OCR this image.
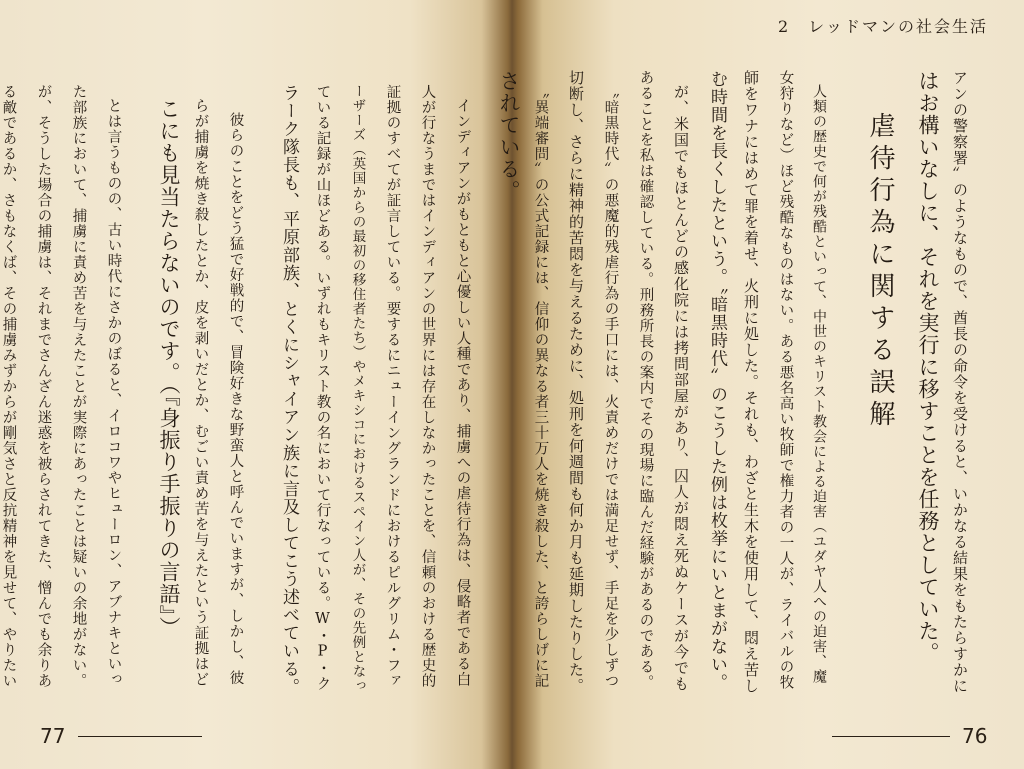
2　レッドマンの社会生活
アンの警察署〟のようなもので、酋長の命令を受けると、いかなる結果をもたらすかに
はお構いなしに、それを実行に移すことを任務としていた。
虐待行為に関する誤解
人類の歴史で何が残酷といって、中世のキリスト教会による迫害（ユダヤ人への迫害、魔
女狩りなど）ほど残酷なものはない。ある悪名高い牧師で権力者の一人が、ライバルの牧
師をワナにはめて罪を着せ、火刑に処した。それも、わざと生木を使用して、悶え苦し
む時間を長くしたという。〝暗黒時代〟のこうした例は枚挙にいとまがない。
が、米国でもほとんどの感化院には拷問部屋があり、囚人が悶え死ぬケースが今でも
あることを私は確認している。刑務所長の案内でその現場に臨んだ経験があるのである。
〝暗黒時代〟の悪魔的残虐行為の手口には、火責めだけでは満足せず、手足を少しずつ
切断し、さらに精神的苦悶を与えるために、処刑を何週間も何か月も延期したりした。
〝異端審問〟の公式記録には、信仰の異なる者三十万人を焼き殺した、と誇らしげに記
されている。
76
インディアンがもともと心優しい人種であり、捕虜への虐待行為は、侵略者である白
人が行なうまではインディアンの世界には存在しなかったことを、信頼のおける歴史的
証拠のすべてが証言している。要するにニューイングランドにおけるピルグリム・ファ
ーザーズ（英国からの最初の移住者たち）やメキシコにおけるスペイン人が、その先例となっ
ている記録が山ほどある。いずれもキリスト教の名において行なっている。W・P・ク
ラーク隊長も、平原部族、とくにシャイアン族に言及してこう述べている。
彼らのことをどう猛で好戦的で、冒険好きな野蛮人と呼んでいますが、しかし、彼
らが捕虜を焼き殺したとか、皮を剥いだとか、むごい責め苦を与えたという証拠はど
こにも見当たらないのです。（『身振り手振りの言語』）
とは言うものの、古い時代にさかのぼると、イロコワやヒューロン、アブナキといっ
た部族において、捕虜に責め苦を与えたことが実際にあったことは疑いの余地がない。
が、そうした場合の捕虜は、それまでさんざん迷惑を被らされてきた、憎んでも余りあ
る敵であるか、さもなくば、その捕虜みずからが剛気さと反抗精神を見せて、やりたい
77
